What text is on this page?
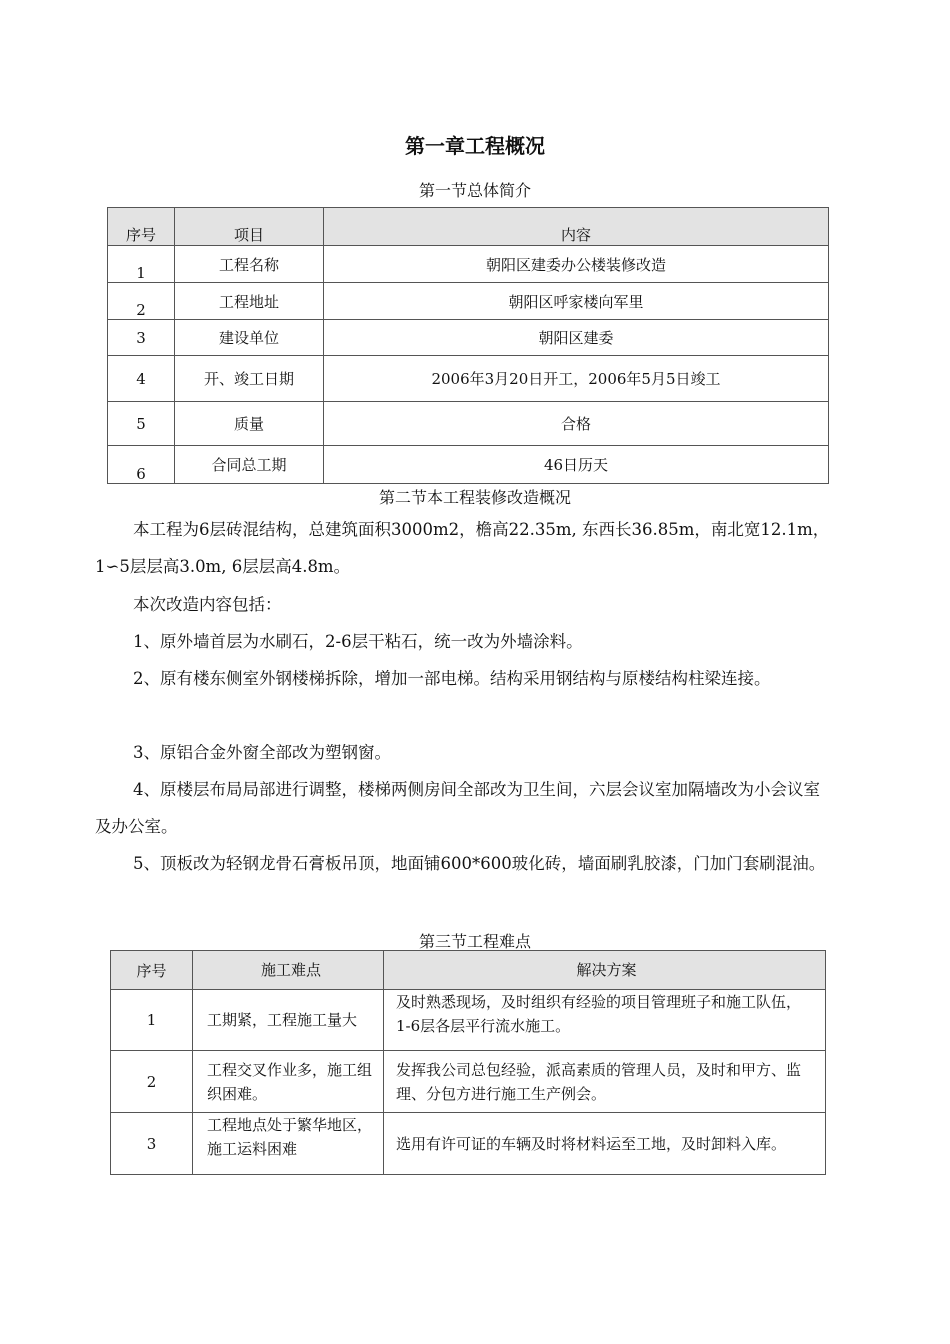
第一章工程概况
第一节总体简介
序号	项目	内容
1	工程名称	朝阳区建委办公楼装修改造
2	工程地址	朝阳区呼家楼向军里
3	建设单位	朝阳区建委
4	开、竣工日期	2006年3月20日开工，2006年5月5日竣工
5	质量	合格
6	合同总工期	46日历天
第二节本工程装修改造概况
本工程为6层砖混结构，总建筑面积3000m2，檐高22.35m, 东西长36.85m，南北宽12.1m，1∽5层层高3.0m, 6层层高4.8m。
本次改造内容包括：
1、原外墙首层为水刷石，2-6层干粘石，统一改为外墙涂料。
2、原有楼东侧室外钢楼梯拆除，增加一部电梯。结构采用钢结构与原楼结构柱梁连接。
3、原铝合金外窗全部改为塑钢窗。
4、原楼层布局局部进行调整，楼梯两侧房间全部改为卫生间，六层会议室加隔墙改为小会议室及办公室。
5、顶板改为轻钢龙骨石膏板吊顶，地面铺600*600玻化砖，墙面刷乳胶漆，门加门套刷混油。
第三节工程难点
序号	施工难点	解决方案
1	工期紧，工程施工量大	及时熟悉现场，及时组织有经验的项目管理班子和施工队伍，
1-6层各层平行流水施工。

2	工程交叉作业多，施工组织困难。	发挥我公司总包经验，派高素质的管理人员，及时和甲方、监理、分包方进行施工生产例会。
3	工程地点处于繁华地区，施工运料困难	选用有许可证的车辆及时将材料运至工地，及时卸料入库。
